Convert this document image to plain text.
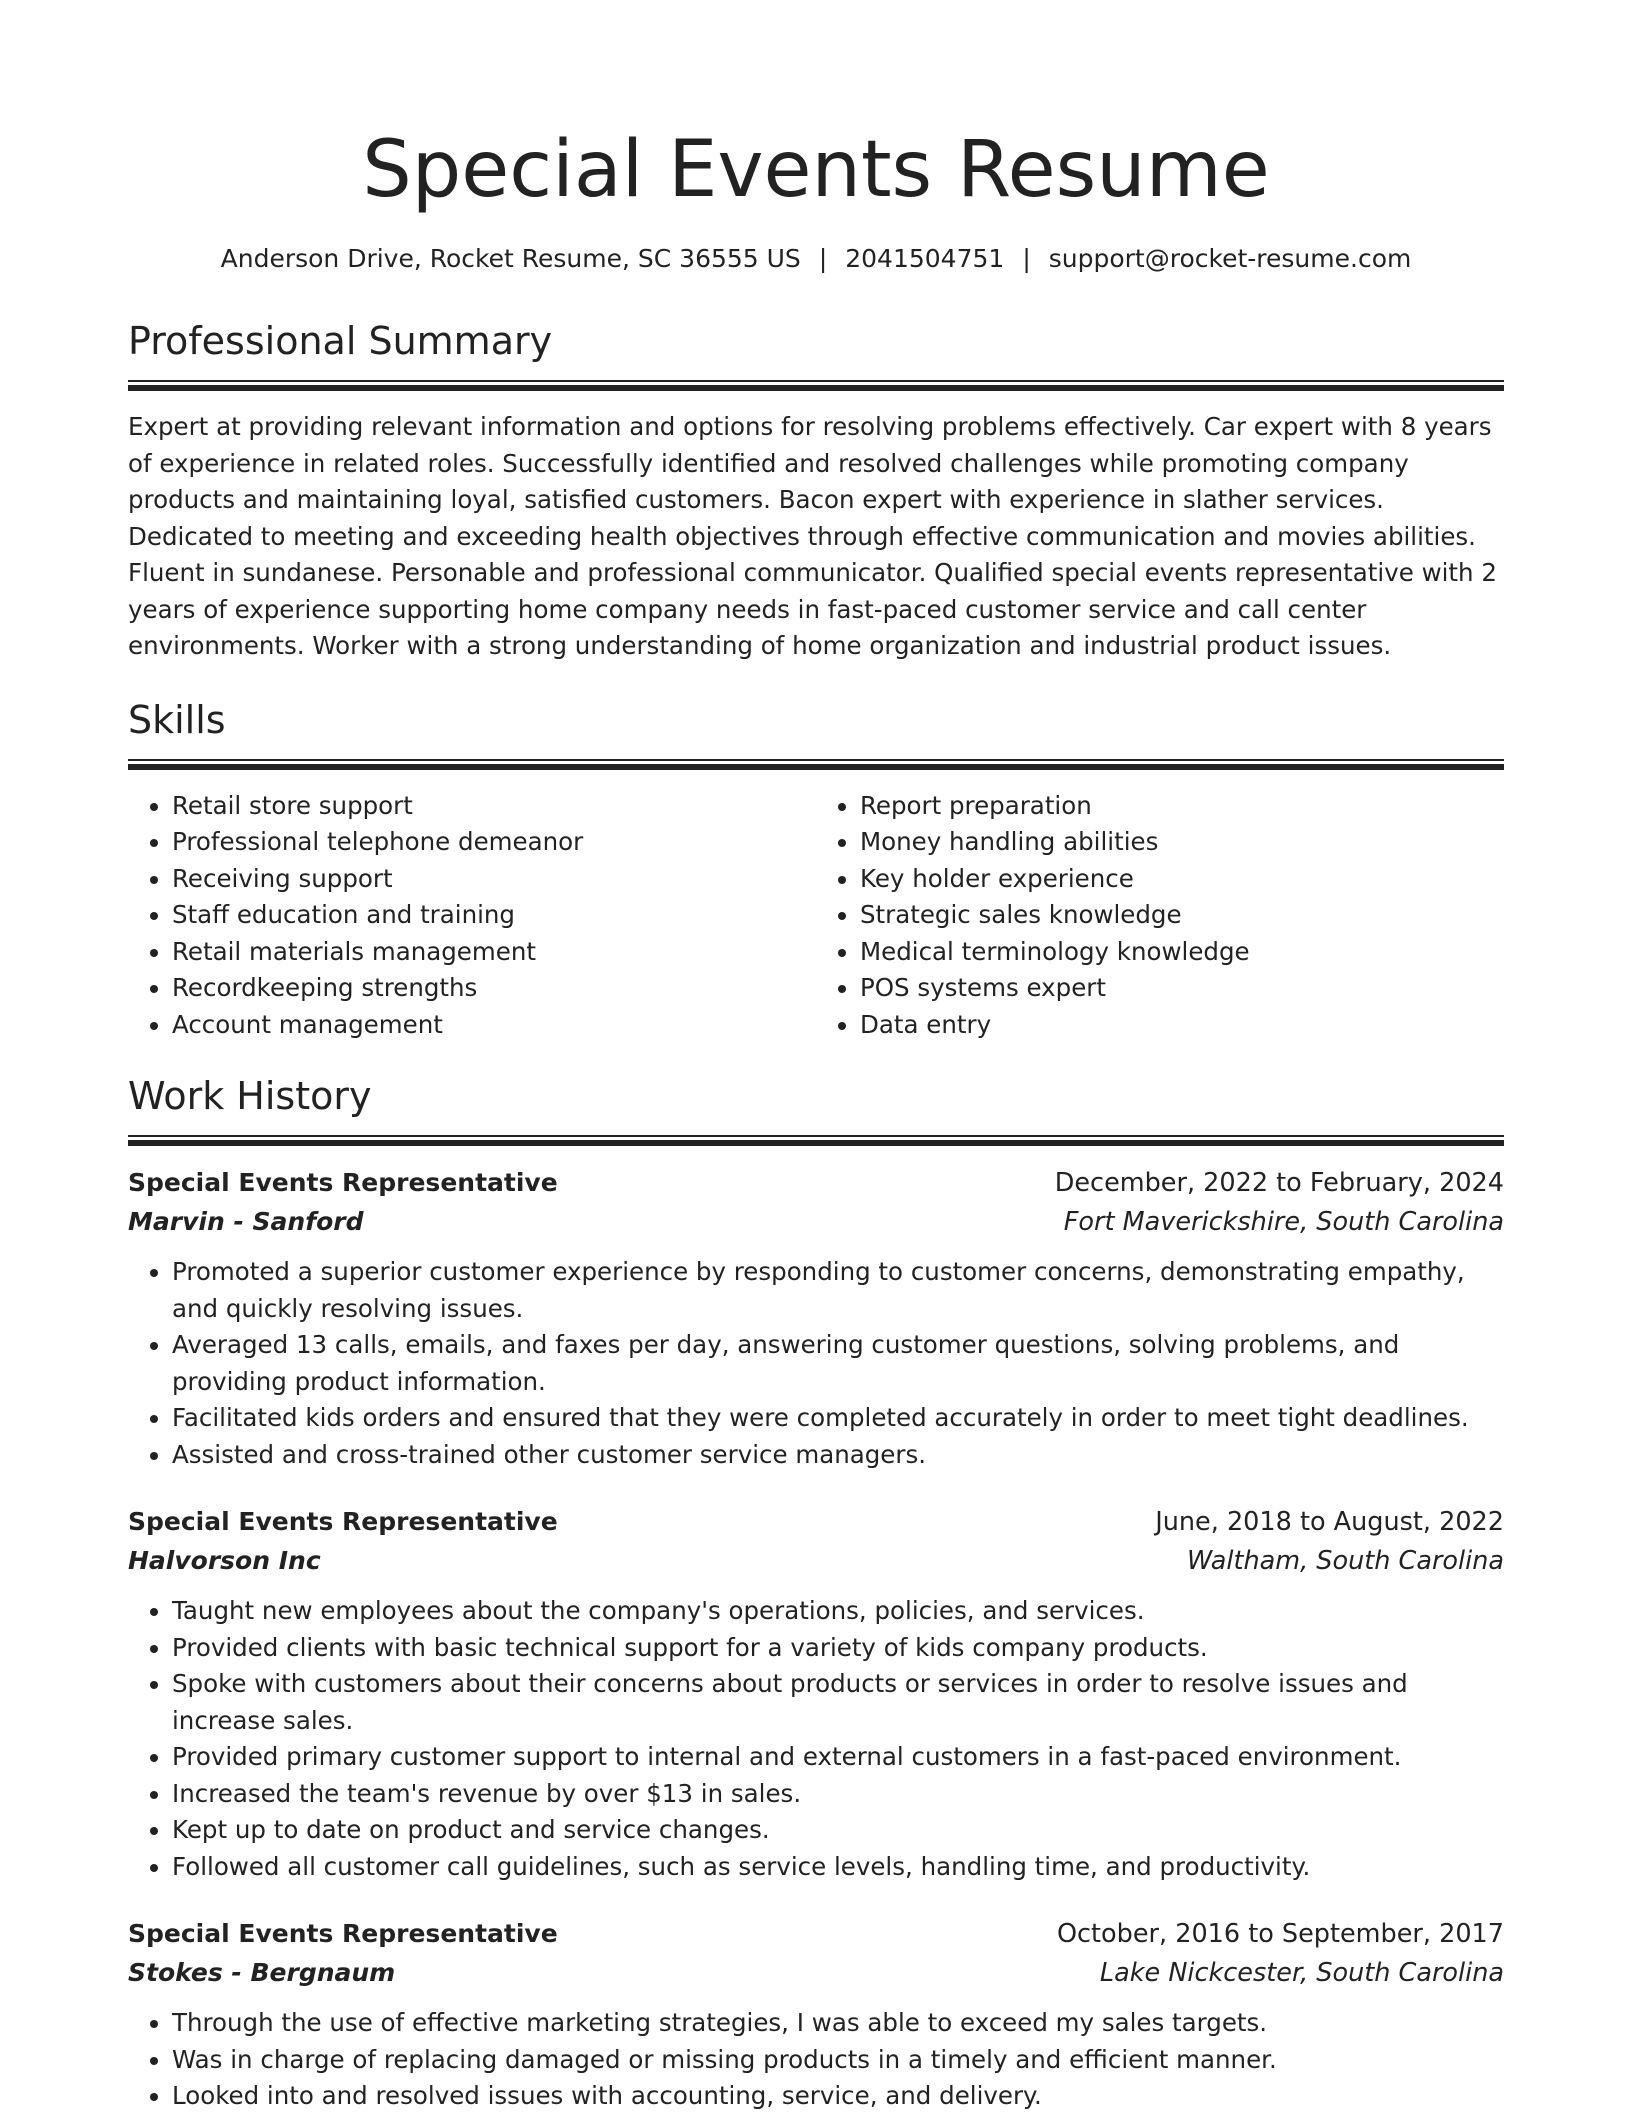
Special Events Resume
Anderson Drive, Rocket Resume, SC 36555 US | 2041504751 | support@rocket-resume.com
Professional Summary

Expert at providing relevant information and options for resolving problems effectively. Car expert with 8 years of experience in related roles. Successfully identified and resolved challenges while promoting company products and maintaining loyal, satisfied customers. Bacon expert with experience in slather services. Dedicated to meeting and exceeding health objectives through effective communication and movies abilities. Fluent in sundanese. Personable and professional communicator. Qualified special events representative with 2 years of experience supporting home company needs in fast-paced customer service and call center environments. Worker with a strong understanding of home organization and industrial product issues.

Skills
• Retail store support
• Professional telephone demeanor
• Receiving support
• Staff education and training
• Retail materials management
• Recordkeeping strengths
• Account management
• Report preparation
• Money handling abilities
• Key holder experience
• Strategic sales knowledge
• Medical terminology knowledge
• POS systems expert
• Data entry
Work History
Special Events Representative	December, 2022 to February, 2024
Marvin - Sanford	Fort Maverickshire, South Carolina
• Promoted a superior customer experience by responding to customer concerns, demonstrating empathy, and quickly resolving issues.
• Averaged 13 calls, emails, and faxes per day, answering customer questions, solving problems, and providing product information.
• Facilitated kids orders and ensured that they were completed accurately in order to meet tight deadlines.
• Assisted and cross-trained other customer service managers.
Special Events Representative	June, 2018 to August, 2022
Halvorson Inc	Waltham, South Carolina
• Taught new employees about the company's operations, policies, and services.
• Provided clients with basic technical support for a variety of kids company products.
• Spoke with customers about their concerns about products or services in order to resolve issues and increase sales.
• Provided primary customer support to internal and external customers in a fast-paced environment.
• Increased the team's revenue by over $13 in sales.
• Kept up to date on product and service changes.
• Followed all customer call guidelines, such as service levels, handling time, and productivity.
Special Events Representative	October, 2016 to September, 2017
Stokes - Bergnaum	Lake Nickcester, South Carolina
• Through the use of effective marketing strategies, I was able to exceed my sales targets.
• Was in charge of replacing damaged or missing products in a timely and efficient manner.
• Looked into and resolved issues with accounting, service, and delivery.
